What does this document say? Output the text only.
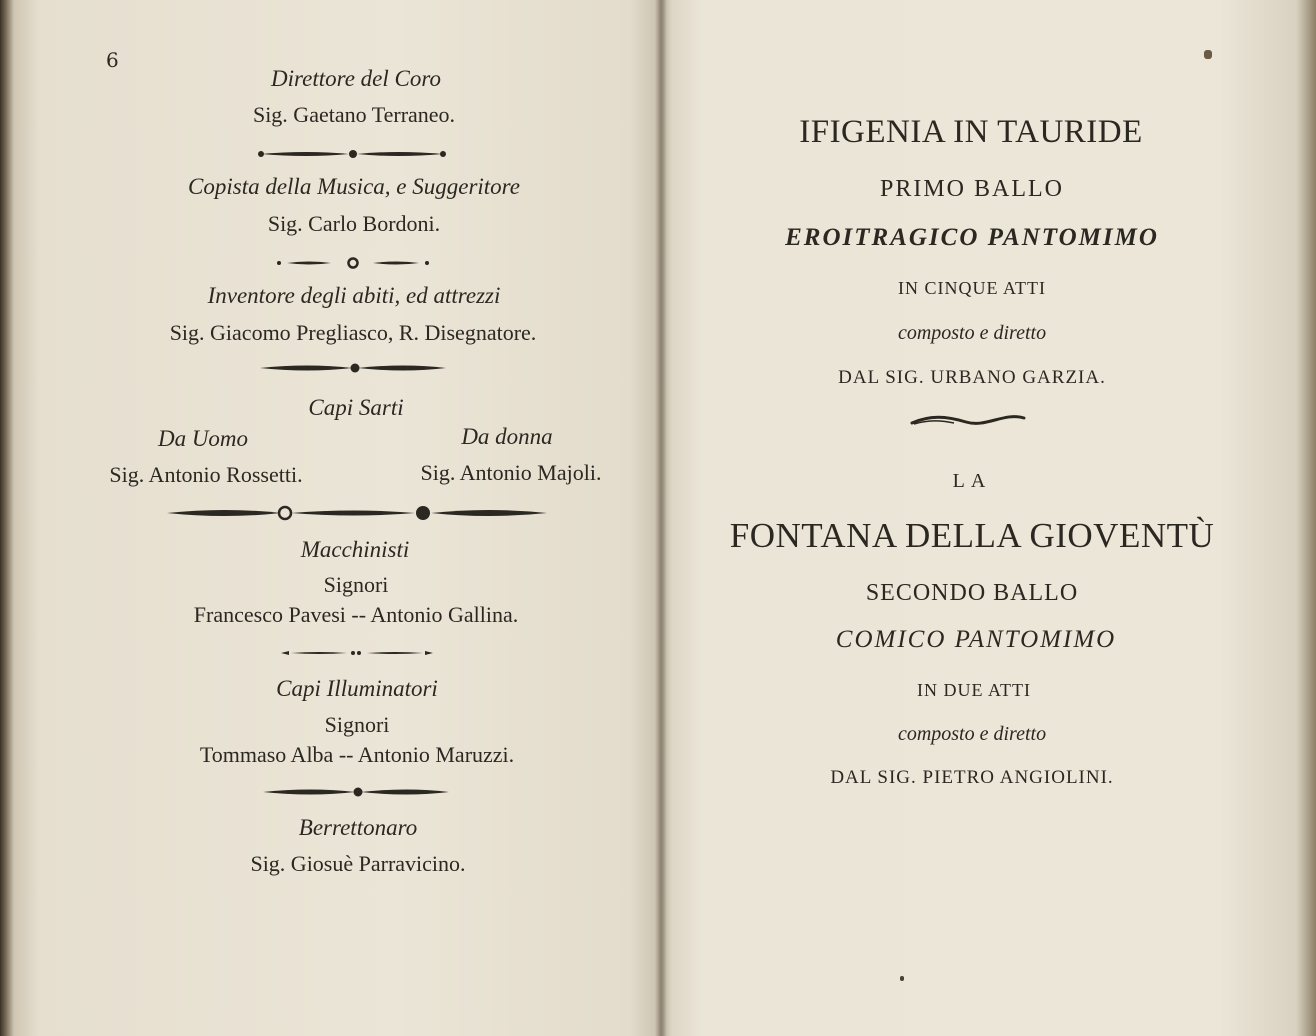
6
Direttore del Coro
Sig. Gaetano Terraneo.
Copista della Musica, e Suggeritore
Sig. Carlo Bordoni.
Inventore degli abiti, ed attrezzi
Sig. Giacomo Pregliasco, R. Disegnatore.
Capi Sarti
Da Uomo	Da donna
Sig. Antonio Rossetti.	Sig. Antonio Majoli.
Macchinisti
Signori
Francesco Pavesi -- Antonio Gallina.
Capi Illuminatori
Signori
Tommaso Alba -- Antonio Maruzzi.
Berrettonaro
Sig. Giosuè Parravicino.
IFIGENIA IN TAURIDE
PRIMO BALLO
EROITRAGICO PANTOMIMO
IN CINQUE ATTI
composto e diretto
DAL SIG. URBANO GARZIA.
LA
FONTANA DELLA GIOVENTÙ
SECONDO BALLO
COMICO PANTOMIMO
IN DUE ATTI
composto e diretto
DAL SIG. PIETRO ANGIOLINI.
